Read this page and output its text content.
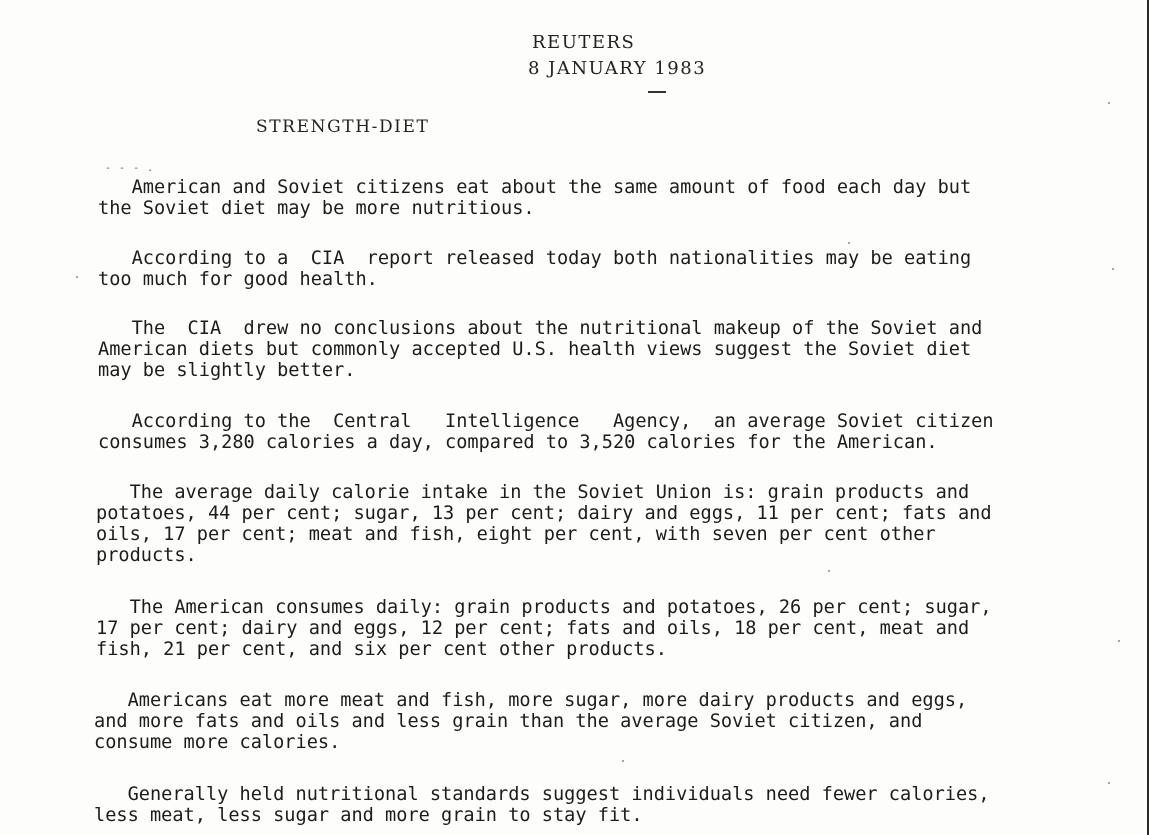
REUTERS
8 JANUARY 1983
STRENGTH-DIET
- - - .
American and Soviet citizens eat about the same amount of food each day but
the Soviet diet may be more nutritious.
According to a  CIA  report released today both nationalities may be eating
too much for good health.
The  CIA  drew no conclusions about the nutritional makeup of the Soviet and
American diets but commonly accepted U.S. health views suggest the Soviet diet
may be slightly better.
According to the  Central   Intelligence   Agency,  an average Soviet citizen
consumes 3,280 calories a day, compared to 3,520 calories for the American.
The average daily calorie intake in the Soviet Union is: grain products and
potatoes, 44 per cent; sugar, 13 per cent; dairy and eggs, 11 per cent; fats and
oils, 17 per cent; meat and fish, eight per cent, with seven per cent other
products.
The American consumes daily: grain products and potatoes, 26 per cent; sugar,
17 per cent; dairy and eggs, 12 per cent; fats and oils, 18 per cent, meat and
fish, 21 per cent, and six per cent other products.
Americans eat more meat and fish, more sugar, more dairy products and eggs,
and more fats and oils and less grain than the average Soviet citizen, and
consume more calories.
Generally held nutritional standards suggest individuals need fewer calories,
less meat, less sugar and more grain to stay fit.
